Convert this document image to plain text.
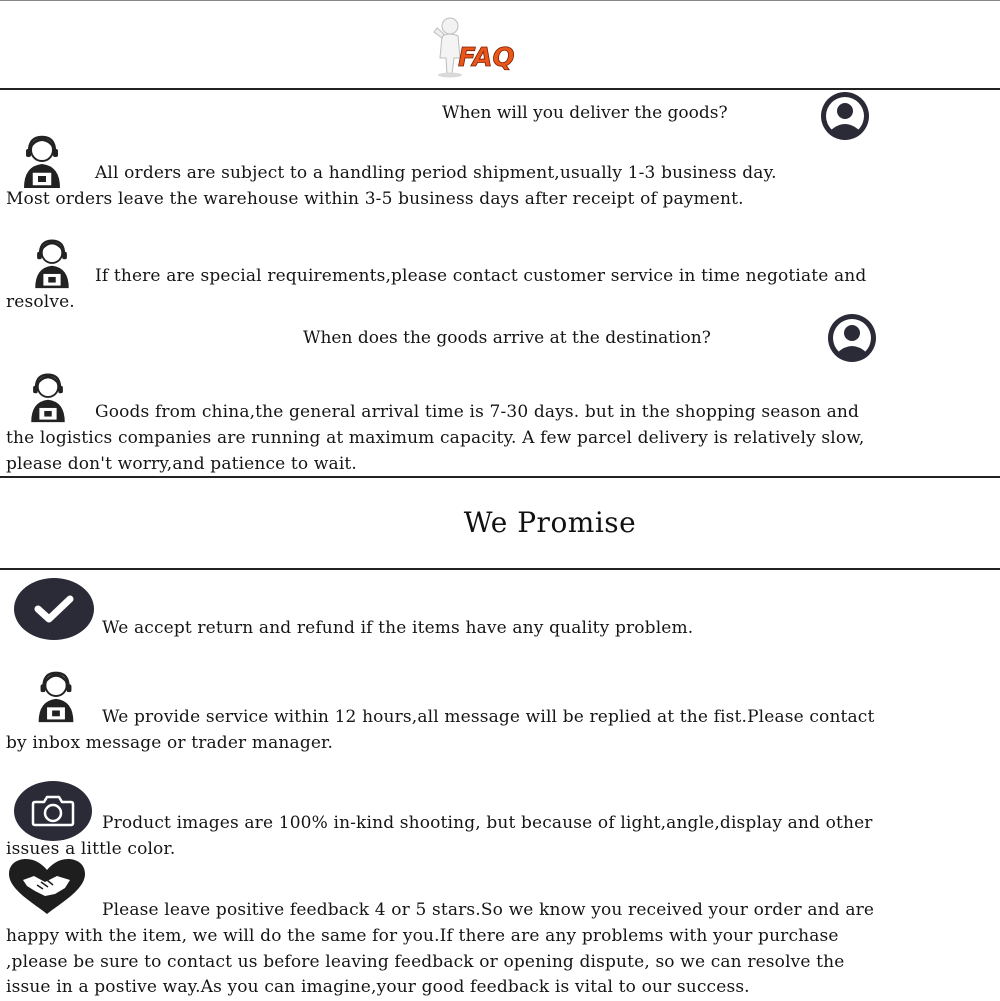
FAQ
When will you deliver the goods?
All orders are subject to a handling period shipment,usually 1-3 business day.
Most orders leave the warehouse within 3-5 business days after receipt of payment.
If there are special requirements,please contact customer service in time negotiate and
resolve.
When does the goods arrive at the destination?
Goods from china,the general arrival time is 7-30 days. but in the shopping season and
the logistics companies are running at maximum capacity. A few parcel delivery is relatively slow,
please don't worry,and patience to wait.
We Promise
We accept return and refund if the items have any quality problem.
We provide service within 12 hours,all message will be replied at the fist.Please contact
by inbox message or trader manager.
Product images are 100% in-kind shooting, but because of light,angle,display and other
issues a little color.
Please leave positive feedback 4 or 5 stars.So we know you received your order and are
happy with the item, we will do the same for you.If there are any problems with your purchase
,please be sure to contact us before leaving feedback or opening dispute, so we can resolve the
issue in a postive way.As you can imagine,your good feedback is vital to our success.
